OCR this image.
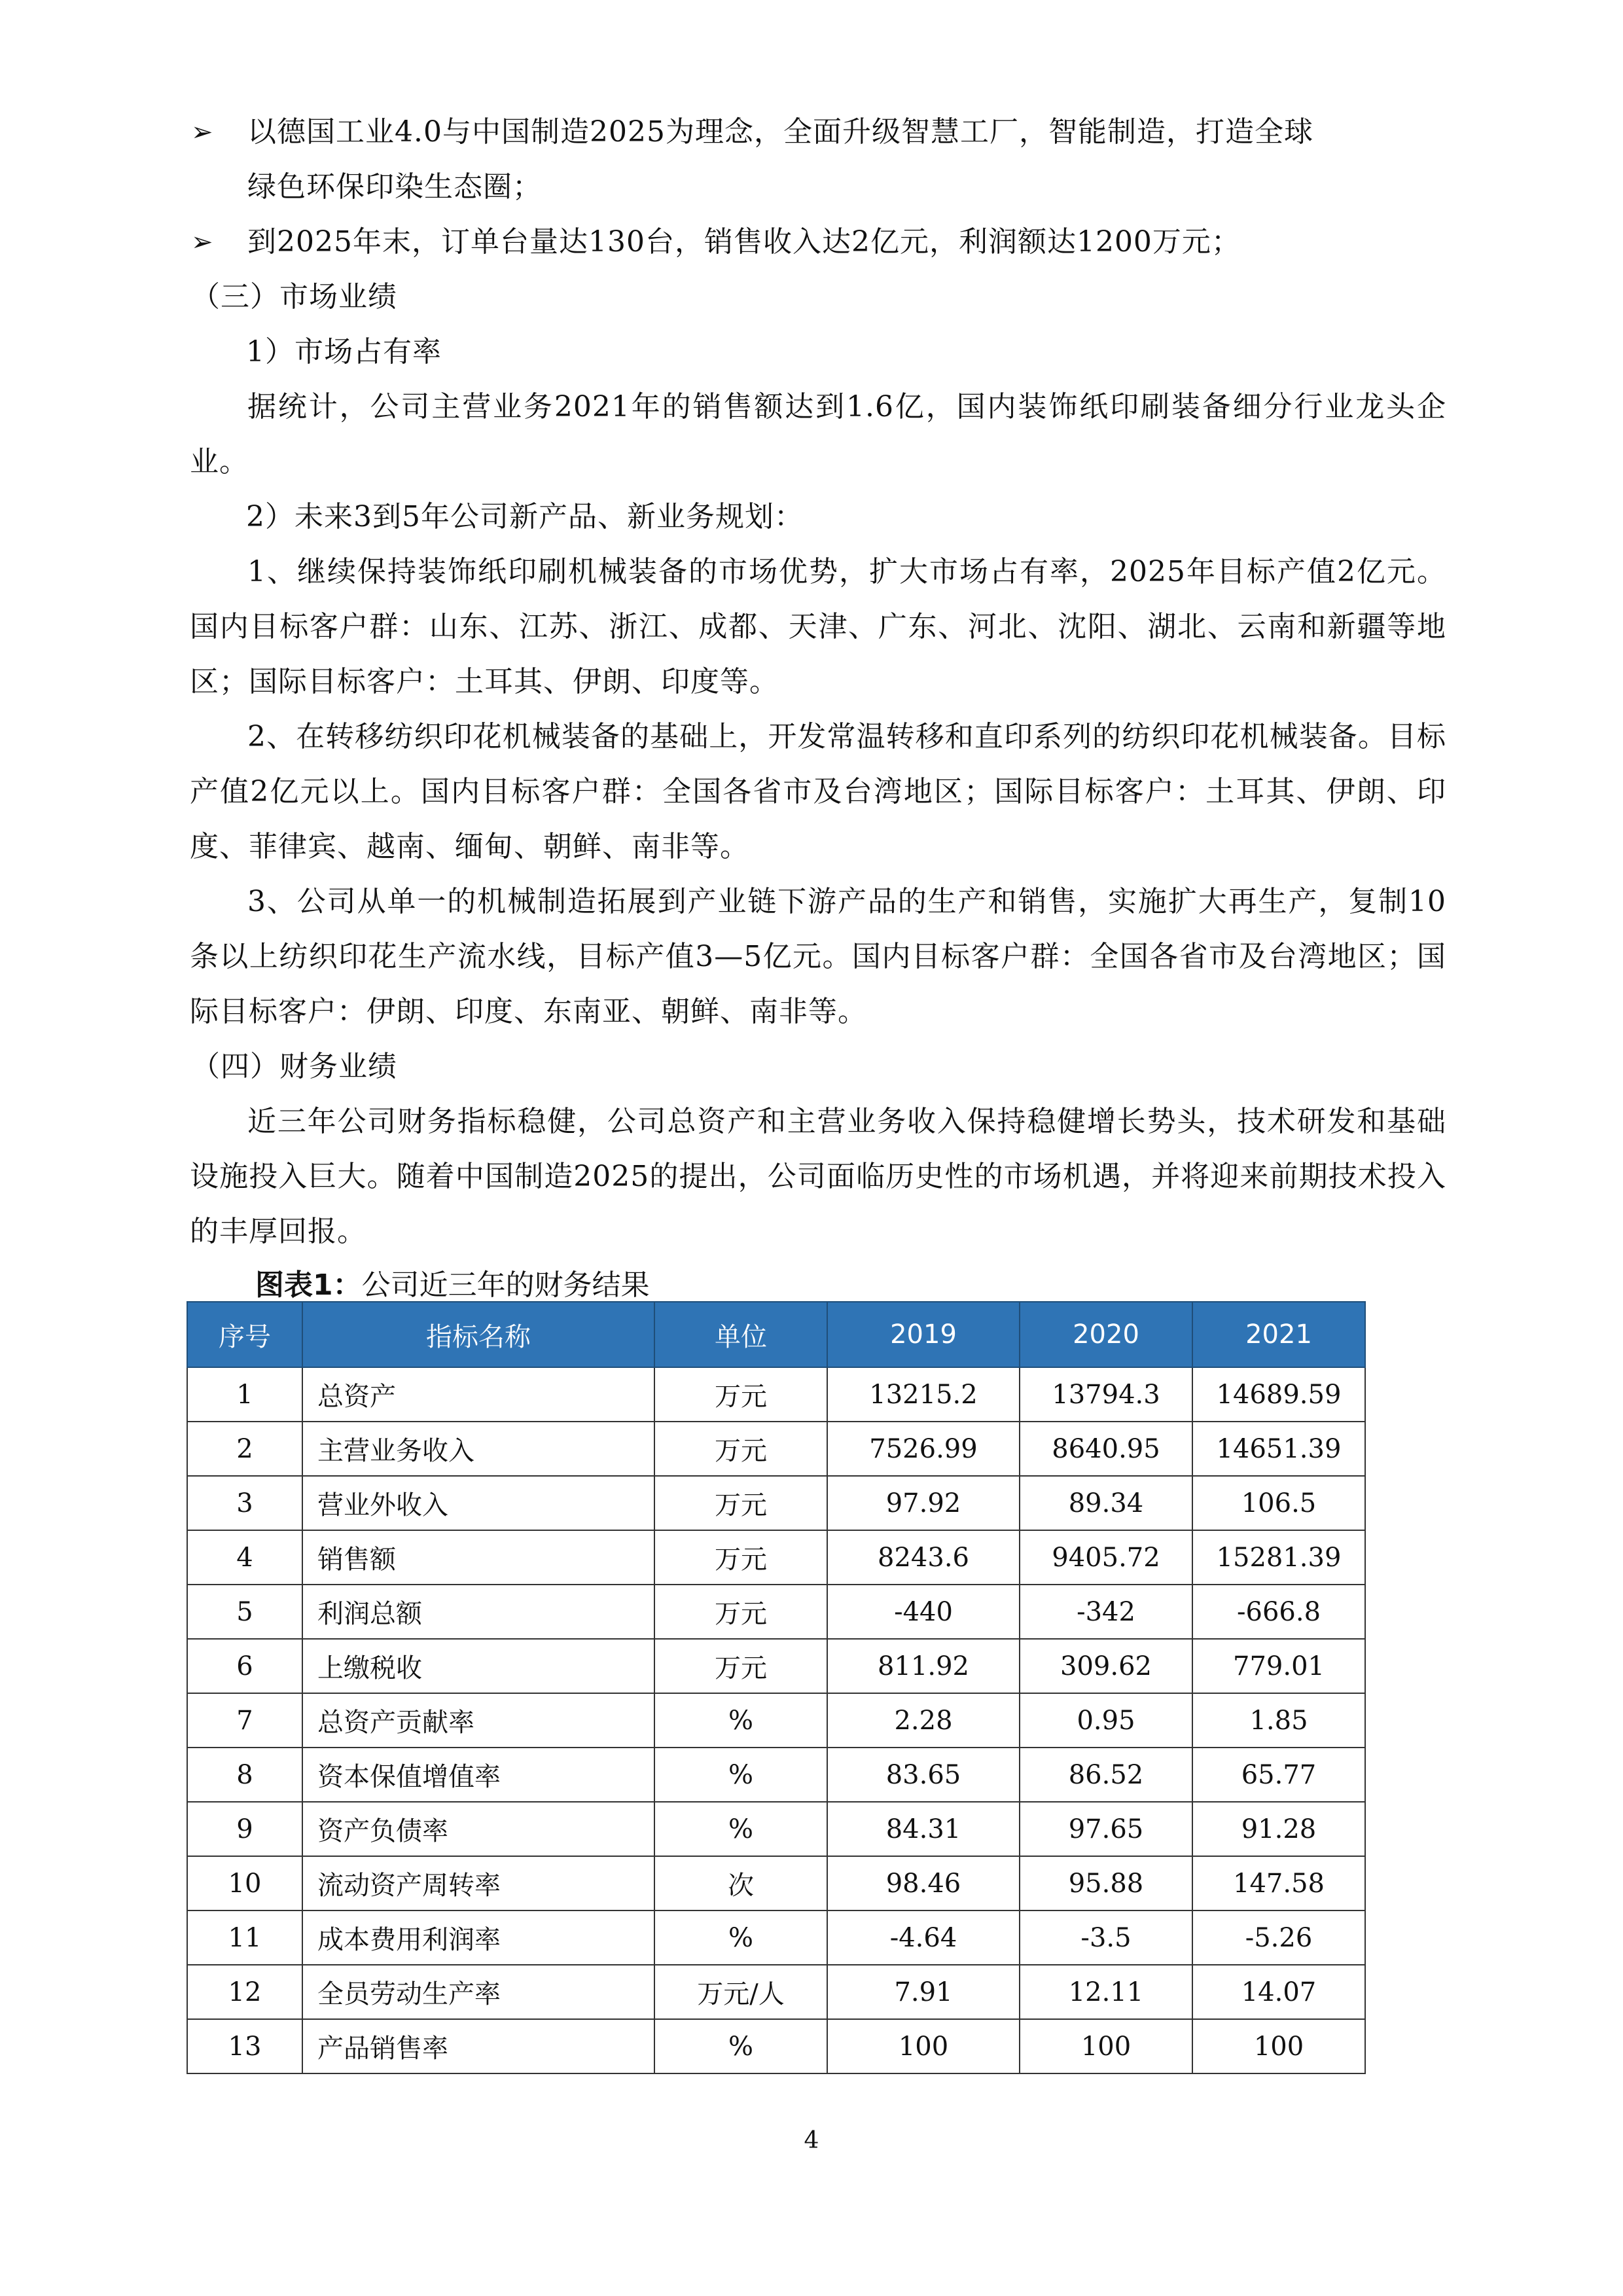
➢	以德国工业4.0与中国制造2025为理念，全面升级智慧工厂，智能制造，打造全球
绿色环保印染生态圈；
➢	到2025年末，订单台量达130台，销售收入达2亿元，利润额达1200万元；
（三）市场业绩
1）市场占有率
据统计，公司主营业务2021年的销售额达到1.6亿，国内装饰纸印刷装备细分行业龙头企业。
2）未来3到5年公司新产品、新业务规划：
1、继续保持装饰纸印刷机械装备的市场优势，扩大市场占有率，2025年目标产值2亿元。国内目标客户群：山东、江苏、浙江、成都、天津、广东、河北、沈阳、湖北、云南和新疆等地区；国际目标客户：土耳其、伊朗、印度等。
2、在转移纺织印花机械装备的基础上，开发常温转移和直印系列的纺织印花机械装备。目标产值2亿元以上。国内目标客户群：全国各省市及台湾地区；国际目标客户：土耳其、伊朗、印度、菲律宾、越南、缅甸、朝鲜、南非等。
3、公司从单一的机械制造拓展到产业链下游产品的生产和销售，实施扩大再生产，复制10条以上纺织印花生产流水线，目标产值3—5亿元。国内目标客户群：全国各省市及台湾地区；国际目标客户：伊朗、印度、东南亚、朝鲜、南非等。
（四）财务业绩
近三年公司财务指标稳健，公司总资产和主营业务收入保持稳健增长势头，技术研发和基础设施投入巨大。随着中国制造2025的提出，公司面临历史性的市场机遇，并将迎来前期技术投入的丰厚回报。
图表1：公司近三年的财务结果
序号	指标名称	单位	2019	2020	2021
1	总资产	万元	13215.2	13794.3	14689.59
2	主营业务收入	万元	7526.99	8640.95	14651.39
3	营业外收入	万元	97.92	89.34	106.5
4	销售额	万元	8243.6	9405.72	15281.39
5	利润总额	万元	-440	-342	-666.8
6	上缴税收	万元	811.92	309.62	779.01
7	总资产贡献率	%	2.28	0.95	1.85
8	资本保值增值率	%	83.65	86.52	65.77
9	资产负债率	%	84.31	97.65	91.28
10	流动资产周转率	次	98.46	95.88	147.58
11	成本费用利润率	%	-4.64	-3.5	-5.26
12	全员劳动生产率	万元/人	7.91	12.11	14.07
13	产品销售率	%	100	100	100
4
